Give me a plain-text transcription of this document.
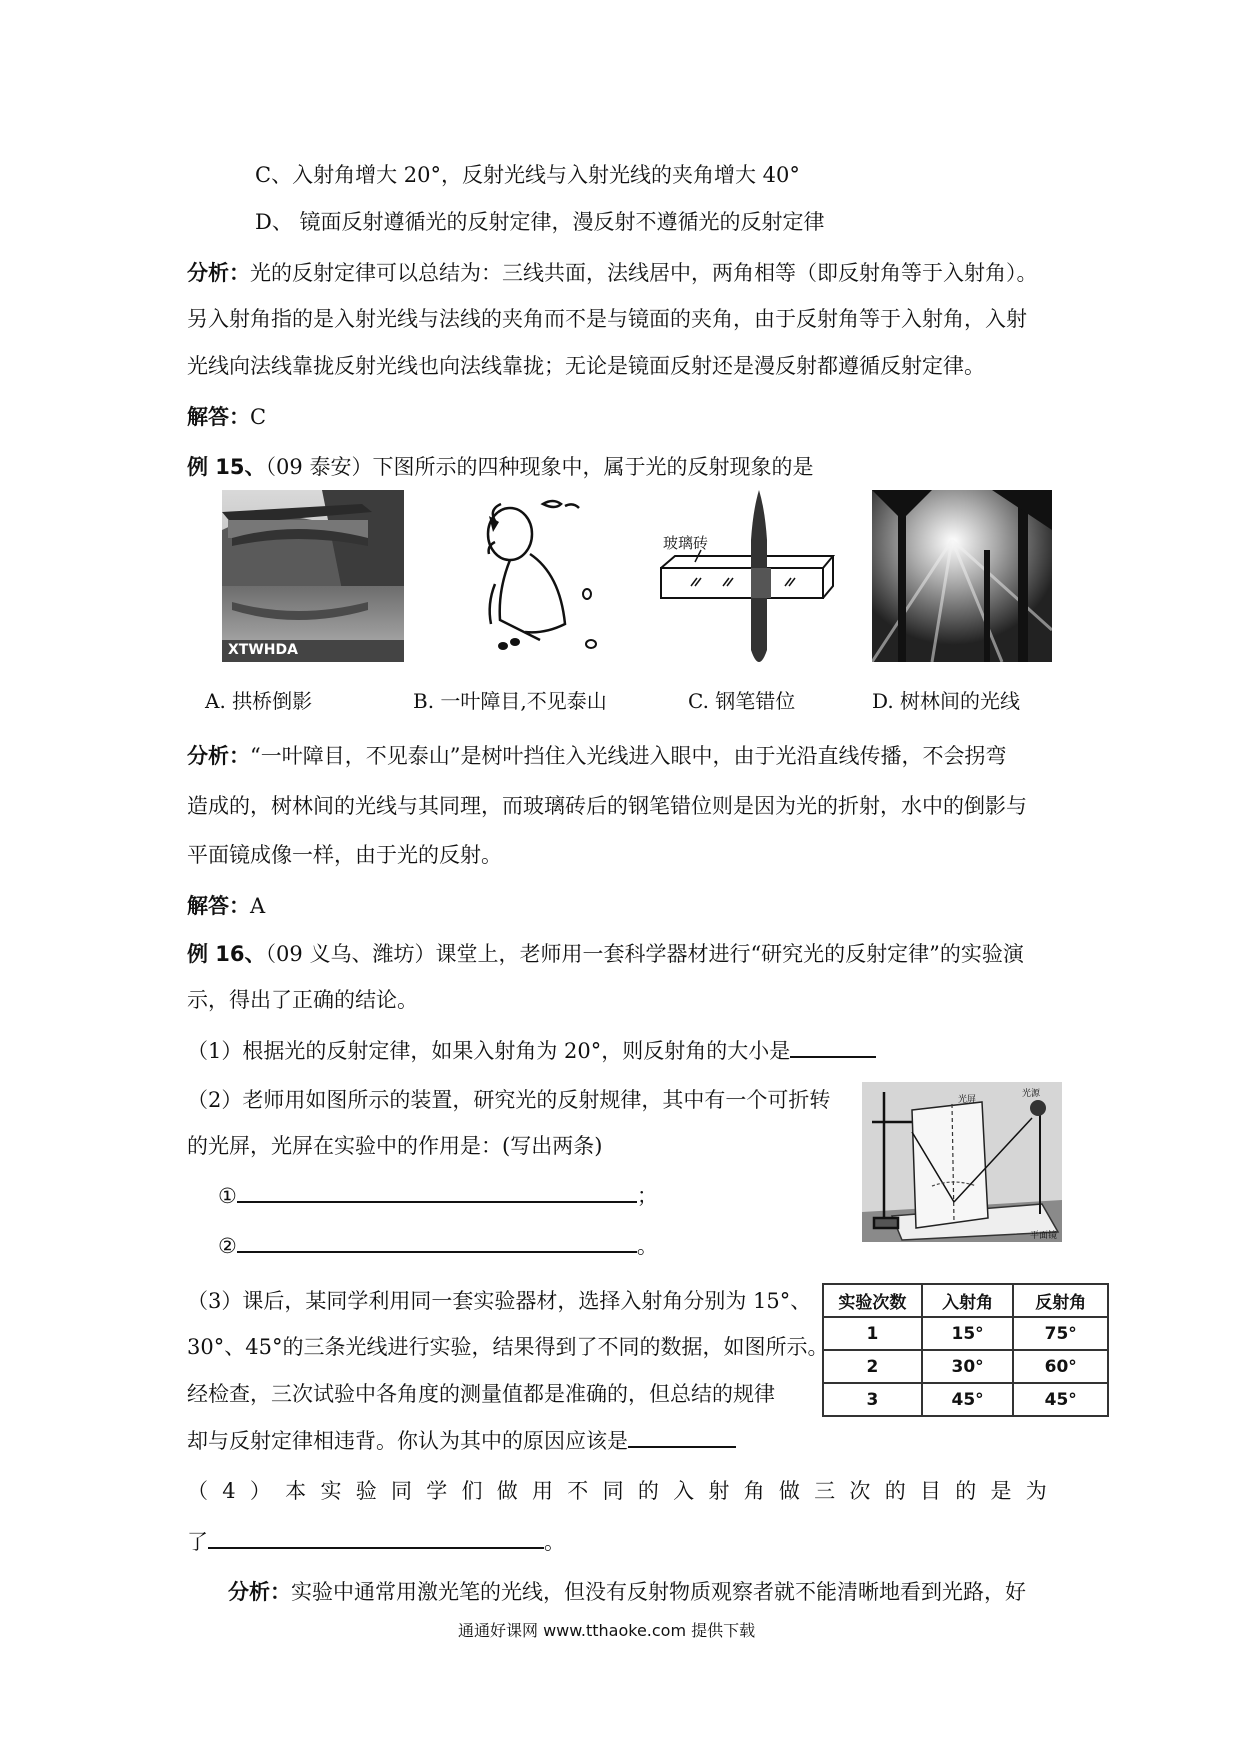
C、入射角增大 20°，反射光线与入射光线的夹角增大 40°
D、 镜面反射遵循光的反射定律，漫反射不遵循光的反射定律
分析：光的反射定律可以总结为：三线共面，法线居中，两角相等（即反射角等于入射角）。
另入射角指的是入射光线与法线的夹角而不是与镜面的夹角，由于反射角等于入射角，入射
光线向法线靠拢反射光线也向法线靠拢；无论是镜面反射还是漫反射都遵循反射定律。
解答：C
例 15、（09 泰安）下图所示的四种现象中，属于光的反射现象的是
XTWHDA
玻璃砖
A. 拱桥倒影	B. 一叶障目,不见泰山	C. 钢笔错位	D. 树林间的光线
分析：“一叶障目，不见泰山”是树叶挡住入光线进入眼中，由于光沿直线传播，不会拐弯
造成的，树林间的光线与其同理，而玻璃砖后的钢笔错位则是因为光的折射，水中的倒影与
平面镜成像一样，由于光的反射。
解答：A
例 16、（09 义乌、潍坊）课堂上，老师用一套科学器材进行“研究光的反射定律”的实验演
示，得出了正确的结论。
（1）根据光的反射定律，如果入射角为 20°，则反射角的大小是
（2）老师用如图所示的装置，研究光的反射规律，其中有一个可折转
的光屏，光屏在实验中的作用是：(写出两条)
①	；
②	。
光屏
光源
平面镜
（3）课后，某同学利用同一套实验器材，选择入射角分别为 15°、
30°、45°的三条光线进行实验，结果得到了不同的数据，如图所示。
经检查，三次试验中各角度的测量值都是准确的，但总结的规律
却与反射定律相违背。你认为其中的原因应该是
实验次数	入射角	反射角
1	15°	75°
2	30°	60°
3	45°	45°
（ 4 ） 本 实 验 同 学 们 做 用 不 同 的 入 射 角 做 三 次 的 目 的 是 为
了	。
分析：实验中通常用激光笔的光线，但没有反射物质观察者就不能清晰地看到光路，好
通通好课网 www.tthaoke.com 提供下载
